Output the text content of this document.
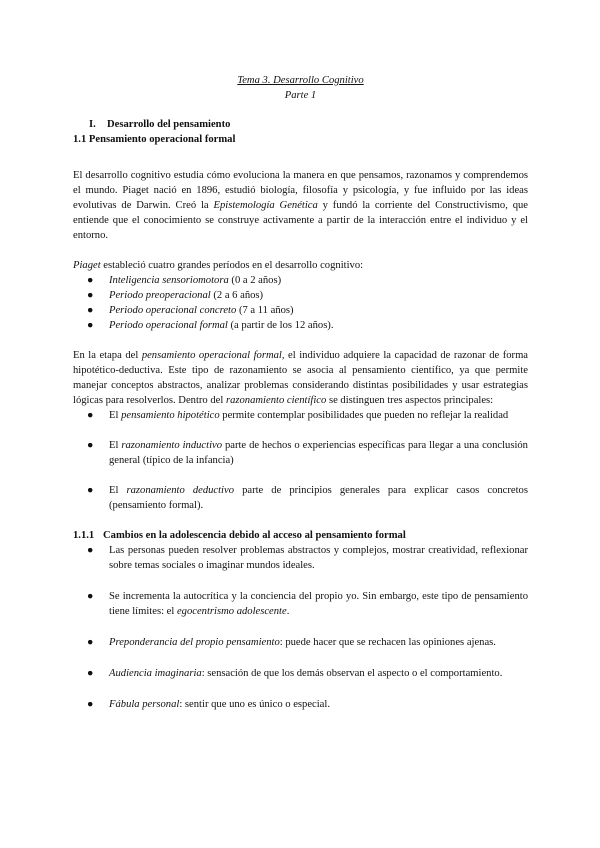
Tema 3. Desarrollo Cognitivo
Parte 1
I. Desarrollo del pensamiento
1.1 Pensamiento operacional formal

El desarrollo cognitivo estudia cómo evoluciona la manera en que pensamos, razonamos y comprendemos el mundo. Piaget nació en 1896, estudió biología, filosofía y psicología, y fue influido por las ideas evolutivas de Darwin. Creó la Epistemología Genética y fundó la corriente del Constructivismo, que entiende que el conocimiento se construye activamente a partir de la interacción entre el individuo y el entorno.

Piaget estableció cuatro grandes períodos en el desarrollo cognitivo:

● Inteligencia sensoriomotora (0 a 2 años)
● Periodo preoperacional (2 a 6 años)
● Periodo operacional concreto (7 a 11 años)
● Periodo operacional formal (a partir de los 12 años).

En la etapa del pensamiento operacional formal, el individuo adquiere la capacidad de razonar de forma hipotético-deductiva. Este tipo de razonamiento se asocia al pensamiento científico, ya que permite manejar conceptos abstractos, analizar problemas considerando distintas posibilidades y usar estrategias lógicas para resolverlos. Dentro del razonamiento científico se distinguen tres aspectos principales:

● El pensamiento hipotético permite contemplar posibilidades que pueden no reflejar la realidad
● El razonamiento inductivo parte de hechos o experiencias específicas para llegar a una conclusión general (típico de la infancia)
● El razonamiento deductivo parte de principios generales para explicar casos concretos (pensamiento formal).
1.1.1 Cambios en la adolescencia debido al acceso al pensamiento formal
● Las personas pueden resolver problemas abstractos y complejos, mostrar creatividad, reflexionar sobre temas sociales o imaginar mundos ideales.
● Se incrementa la autocrítica y la conciencia del propio yo. Sin embargo, este tipo de pensamiento tiene límites: el egocentrismo adolescente.
● Preponderancia del propio pensamiento: puede hacer que se rechacen las opiniones ajenas.
● Audiencia imaginaria: sensación de que los demás observan el aspecto o el comportamiento.
● Fábula personal: sentir que uno es único o especial.
